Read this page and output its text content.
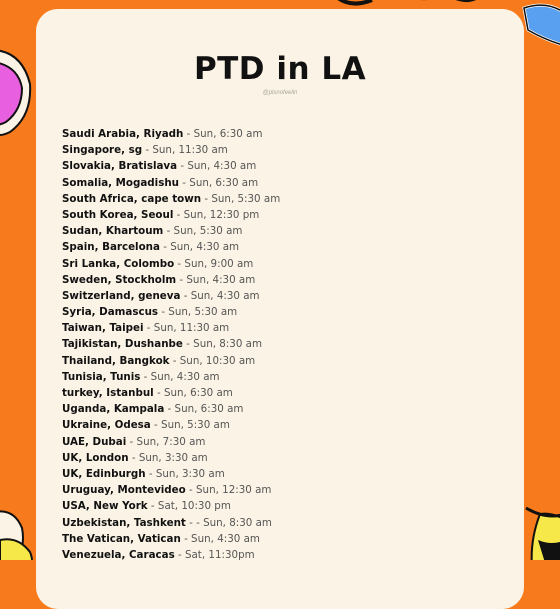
PTD in LA
@plsnofeelin
Saudi Arabia, Riyadh - Sun, 6:30 am
Singapore, sg - Sun, 11:30 am
Slovakia, Bratislava - Sun, 4:30 am
Somalia, Mogadishu - Sun, 6:30 am
South Africa, cape town - Sun, 5:30 am
South Korea, Seoul - Sun, 12:30 pm
Sudan, Khartoum - Sun, 5:30 am
Spain, Barcelona - Sun, 4:30 am
Sri Lanka, Colombo - Sun, 9:00 am
Sweden, Stockholm - Sun, 4:30 am
Switzerland, geneva - Sun, 4:30 am
Syria, Damascus - Sun, 5:30 am
Taiwan, Taipei - Sun, 11:30 am
Tajikistan, Dushanbe - Sun, 8:30 am
Thailand, Bangkok - Sun, 10:30 am
Tunisia, Tunis - Sun, 4:30 am
turkey, Istanbul - Sun, 6:30 am
Uganda, Kampala - Sun, 6:30 am
Ukraine, Odesa - Sun, 5:30 am
UAE, Dubai - Sun, 7:30 am
UK, London - Sun, 3:30 am
UK, Edinburgh - Sun, 3:30 am
Uruguay, Montevideo - Sun, 12:30 am
USA, New York - Sat, 10:30 pm
Uzbekistan, Tashkent - - Sun, 8:30 am
The Vatican, Vatican - Sun, 4:30 am
Venezuela, Caracas - Sat, 11:30pm
